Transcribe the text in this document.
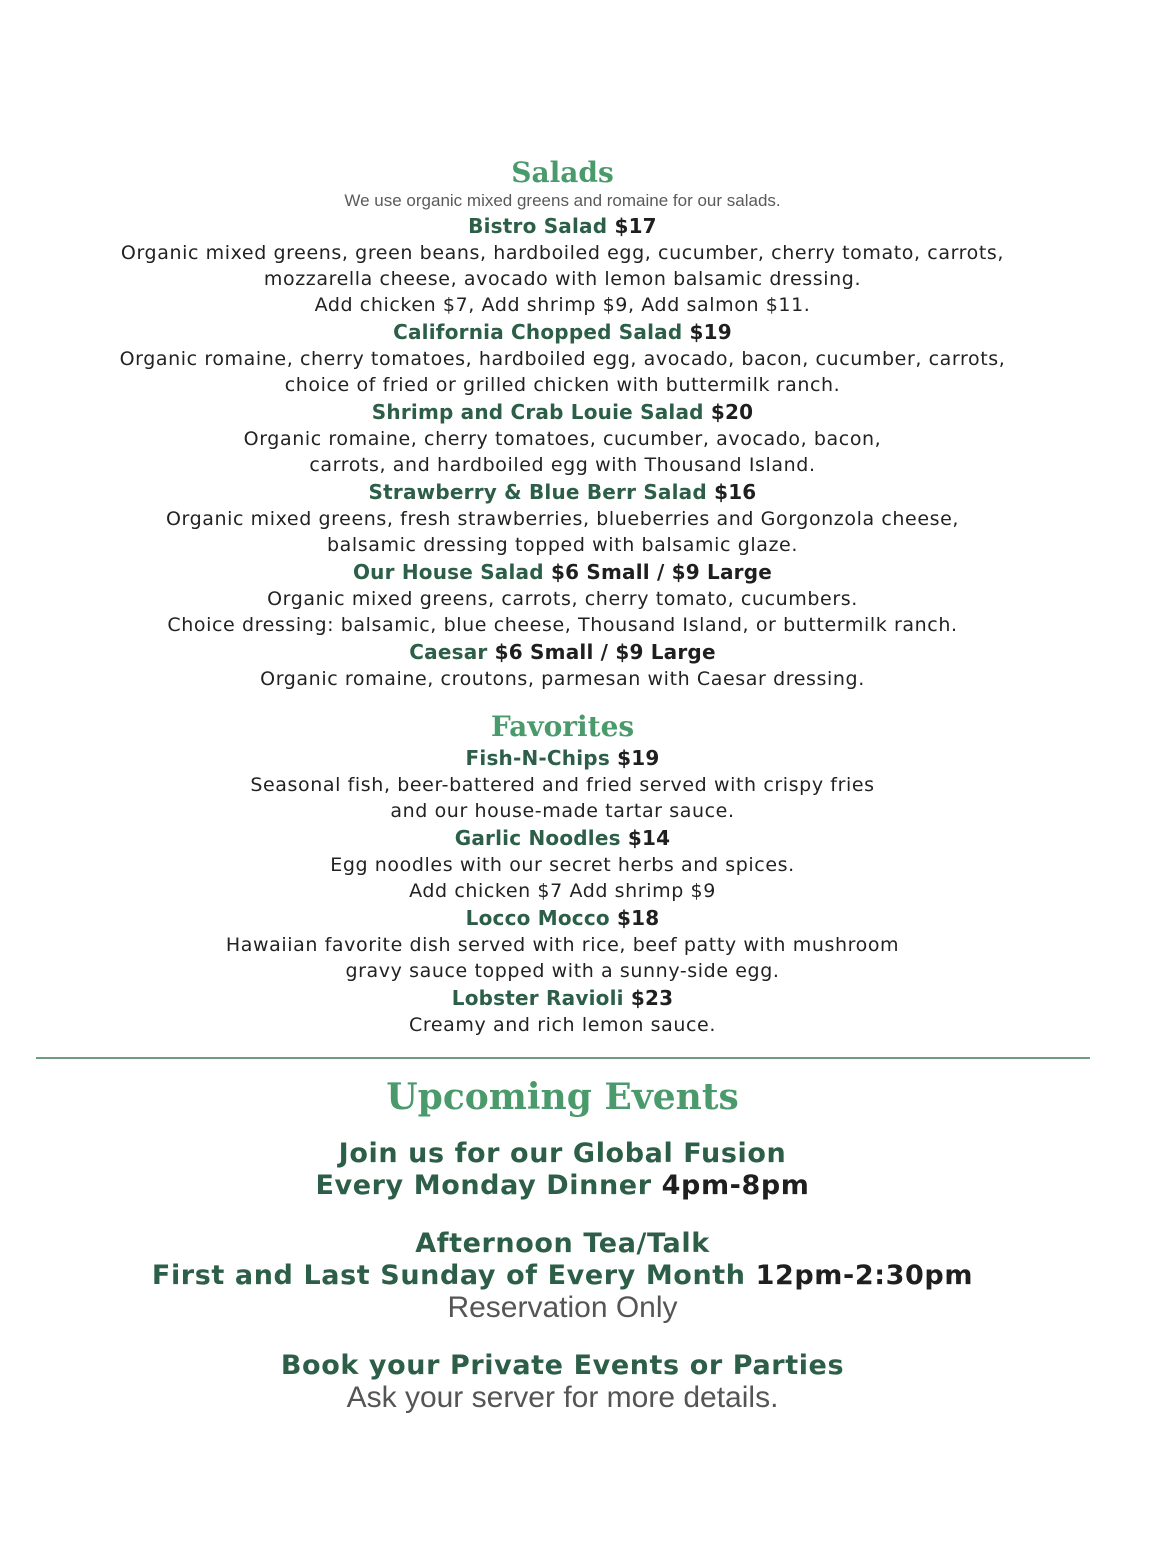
Salads

We use organic mixed greens and romaine for our salads.

Bistro Salad $17
Organic mixed greens, green beans, hardboiled egg, cucumber, cherry tomato, carrots,
mozzarella cheese, avocado with lemon balsamic dressing.
Add chicken $7, Add shrimp $9, Add salmon $11.
California Chopped Salad $19
Organic romaine, cherry tomatoes, hardboiled egg, avocado, bacon, cucumber, carrots,
choice of fried or grilled chicken with buttermilk ranch.
Shrimp and Crab Louie Salad $20
Organic romaine, cherry tomatoes, cucumber, avocado, bacon,
carrots, and hardboiled egg with Thousand Island.
Strawberry & Blue Berr Salad $16
Organic mixed greens, fresh strawberries, blueberries and Gorgonzola cheese,
balsamic dressing topped with balsamic glaze.
Our House Salad $6 Small / $9 Large
Organic mixed greens, carrots, cherry tomato, cucumbers.
Choice dressing: balsamic, blue cheese, Thousand Island, or buttermilk ranch.
Caesar $6 Small / $9 Large
Organic romaine, croutons, parmesan with Caesar dressing.
Favorites
Fish-N-Chips $19
Seasonal fish, beer-battered and fried served with crispy fries
and our house-made tartar sauce.
Garlic Noodles $14
Egg noodles with our secret herbs and spices.
Add chicken $7 Add shrimp $9
Locco Mocco $18
Hawaiian favorite dish served with rice, beef patty with mushroom
gravy sauce topped with a sunny-side egg.
Lobster Ravioli $23
Creamy and rich lemon sauce.
Upcoming Events
Join us for our Global Fusion
Every Monday Dinner 4pm-8pm
Afternoon Tea/Talk
First and Last Sunday of Every Month 12pm-2:30pm
Reservation Only
Book your Private Events or Parties
Ask your server for more details.
